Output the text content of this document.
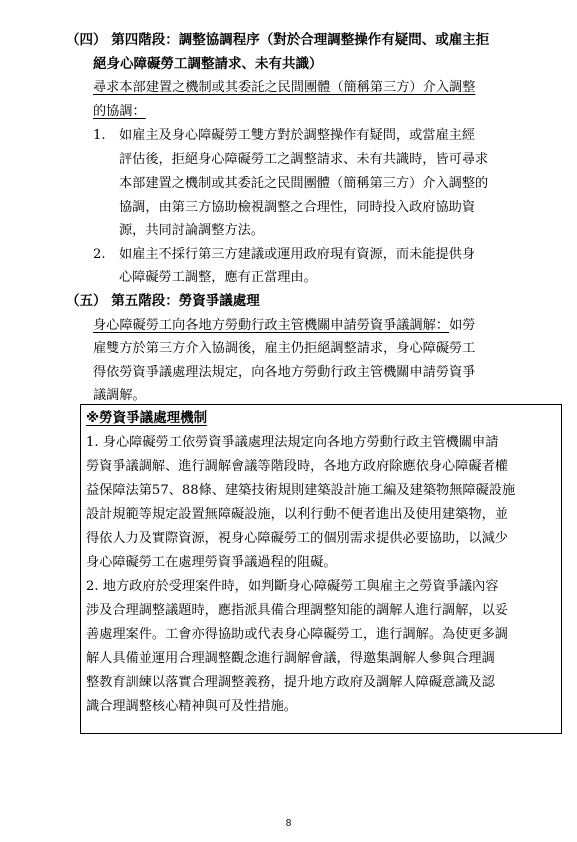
（四） 第四階段：調整協調程序（對於合理調整操作有疑問、或雇主拒
絕身心障礙勞工調整請求、未有共識）
尋求本部建置之機制或其委託之民間團體（簡稱第三方）介入調整
的協調：
1. 如雇主及身心障礙勞工雙方對於調整操作有疑問，或當雇主經
評估後，拒絕身心障礙勞工之調整請求、未有共識時，皆可尋求
本部建置之機制或其委託之民間團體（簡稱第三方）介入調整的
協調，由第三方協助檢視調整之合理性，同時投入政府協助資
源，共同討論調整方法。
2. 如雇主不採行第三方建議或運用政府現有資源，而未能提供身
心障礙勞工調整，應有正當理由。
（五） 第五階段：勞資爭議處理
身心障礙勞工向各地方勞動行政主管機關申請勞資爭議調解：如勞
雇雙方於第三方介入協調後，雇主仍拒絕調整請求，身心障礙勞工
得依勞資爭議處理法規定，向各地方勞動行政主管機關申請勞資爭
議調解。
※勞資爭議處理機制
1. 身心障礙勞工依勞資爭議處理法規定向各地方勞動行政主管機關申請
勞資爭議調解、進行調解會議等階段時，各地方政府除應依身心障礙者權
益保障法第57、88條、建築技術規則建築設計施工編及建築物無障礙設施
設計規範等規定設置無障礙設施，以利行動不便者進出及使用建築物，並
得依人力及實際資源，視身心障礙勞工的個別需求提供必要協助，以減少
身心障礙勞工在處理勞資爭議過程的阻礙。
2. 地方政府於受理案件時，如判斷身心障礙勞工與雇主之勞資爭議內容
涉及合理調整議題時，應指派具備合理調整知能的調解人進行調解，以妥
善處理案件。工會亦得協助或代表身心障礙勞工，進行調解。為使更多調
解人具備並運用合理調整觀念進行調解會議，得邀集調解人參與合理調
整教育訓練以落實合理調整義務，提升地方政府及調解人障礙意識及認
識合理調整核心精神與可及性措施。
8
